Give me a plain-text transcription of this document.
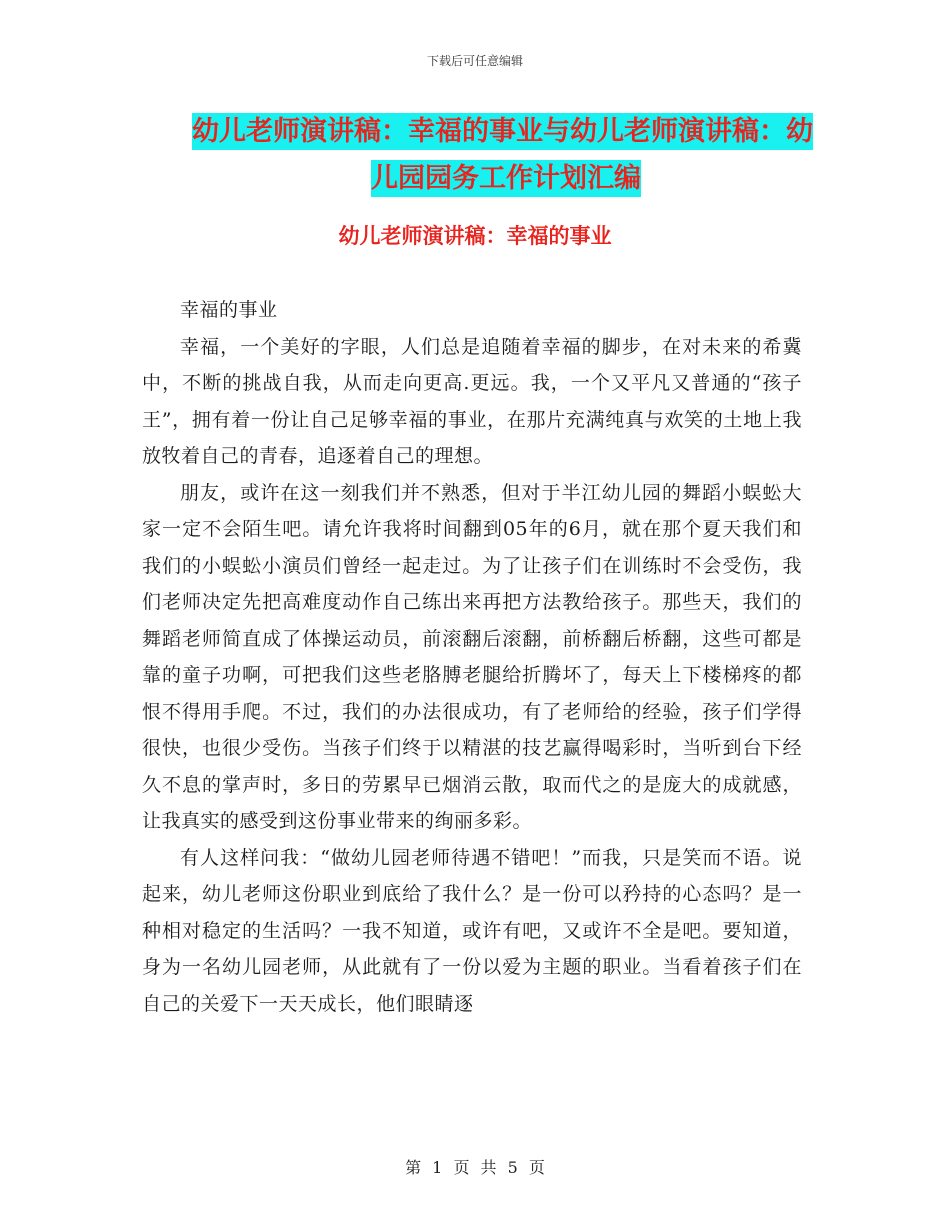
下载后可任意编辑
幼儿老师演讲稿：幸福的事业与幼儿老师演讲稿：幼
儿园园务工作计划汇编
幼儿老师演讲稿：幸福的事业

幸福的事业

幸福，一个美好的字眼，人们总是追随着幸福的脚步，在对未来的希冀中，不断的挑战自我，从而走向更高.更远。我，一个又平凡又普通的“孩子王”，拥有着一份让自己足够幸福的事业，在那片充满纯真与欢笑的土地上我放牧着自己的青春，追逐着自己的理想。

朋友，或许在这一刻我们并不熟悉，但对于半江幼儿园的舞蹈小蜈蚣大家一定不会陌生吧。请允许我将时间翻到05年的6月，就在那个夏天我们和我们的小蜈蚣小演员们曾经一起走过。为了让孩子们在训练时不会受伤，我们老师决定先把高难度动作自己练出来再把方法教给孩子。那些天，我们的舞蹈老师简直成了体操运动员，前滚翻后滚翻，前桥翻后桥翻，这些可都是靠的童子功啊，可把我们这些老胳膊老腿给折腾坏了，每天上下楼梯疼的都恨不得用手爬。不过，我们的办法很成功，有了老师给的经验，孩子们学得很快，也很少受伤。当孩子们终于以精湛的技艺赢得喝彩时，当听到台下经久不息的掌声时，多日的劳累早已烟消云散，取而代之的是庞大的成就感，让我真实的感受到这份事业带来的绚丽多彩。

有人这样问我：“做幼儿园老师待遇不错吧！”而我，只是笑而不语。说起来，幼儿老师这份职业到底给了我什么？是一份可以矜持的心态吗？是一种相对稳定的生活吗？一我不知道，或许有吧，又或许不全是吧。要知道，身为一名幼儿园老师，从此就有了一份以爱为主题的职业。当看着孩子们在自己的关爱下一天天成长，他们眼睛逐

第 1 页 共 5 页
